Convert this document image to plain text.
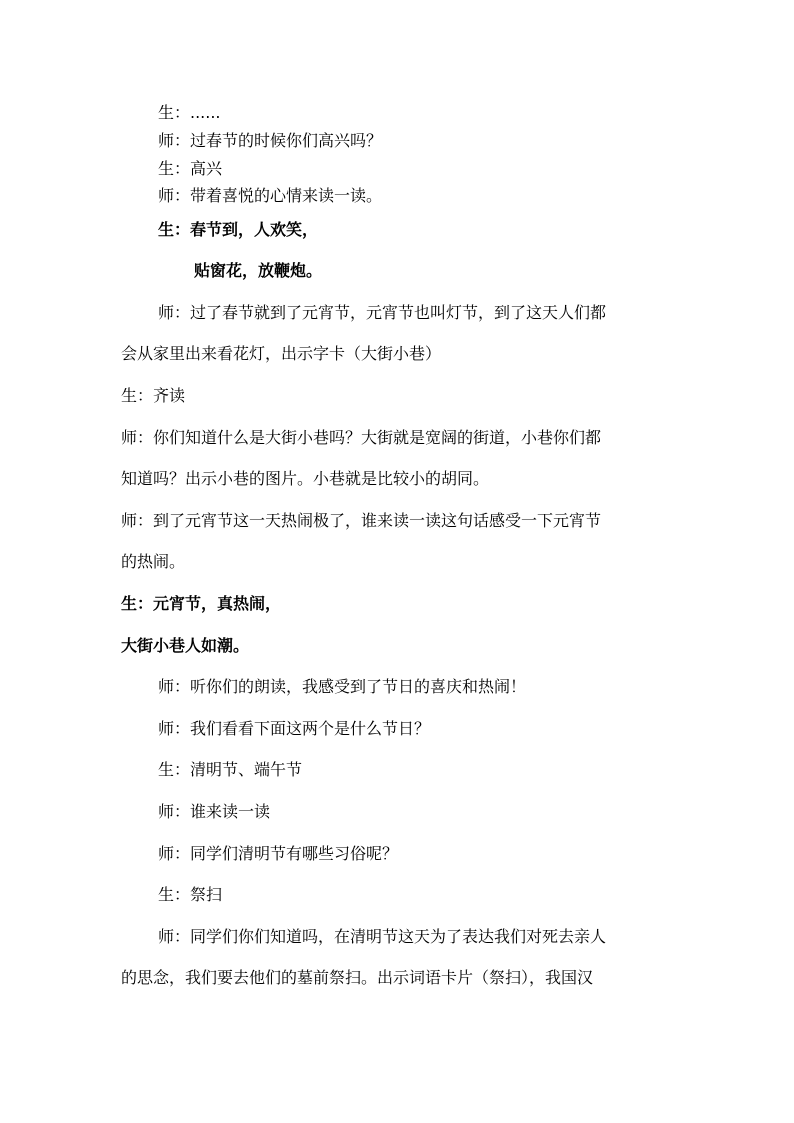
生：......
师：过春节的时候你们高兴吗？
生：高兴
师：带着喜悦的心情来读一读。
生：春节到，人欢笑，
贴窗花，放鞭炮。
师：过了春节就到了元宵节，元宵节也叫灯节，到了这天人们都
会从家里出来看花灯，出示字卡（大街小巷）
生：齐读
师：你们知道什么是大街小巷吗？大街就是宽阔的街道，小巷你们都
知道吗？出示小巷的图片。小巷就是比较小的胡同。
师：到了元宵节这一天热闹极了，谁来读一读这句话感受一下元宵节
的热闹。
生：元宵节，真热闹，
大街小巷人如潮。
师：听你们的朗读，我感受到了节日的喜庆和热闹！
师：我们看看下面这两个是什么节日？
生：清明节、端午节
师：谁来读一读
师：同学们清明节有哪些习俗呢？
生：祭扫
师：同学们你们知道吗，在清明节这天为了表达我们对死去亲人
的思念，我们要去他们的墓前祭扫。出示词语卡片（祭扫），我国汉
